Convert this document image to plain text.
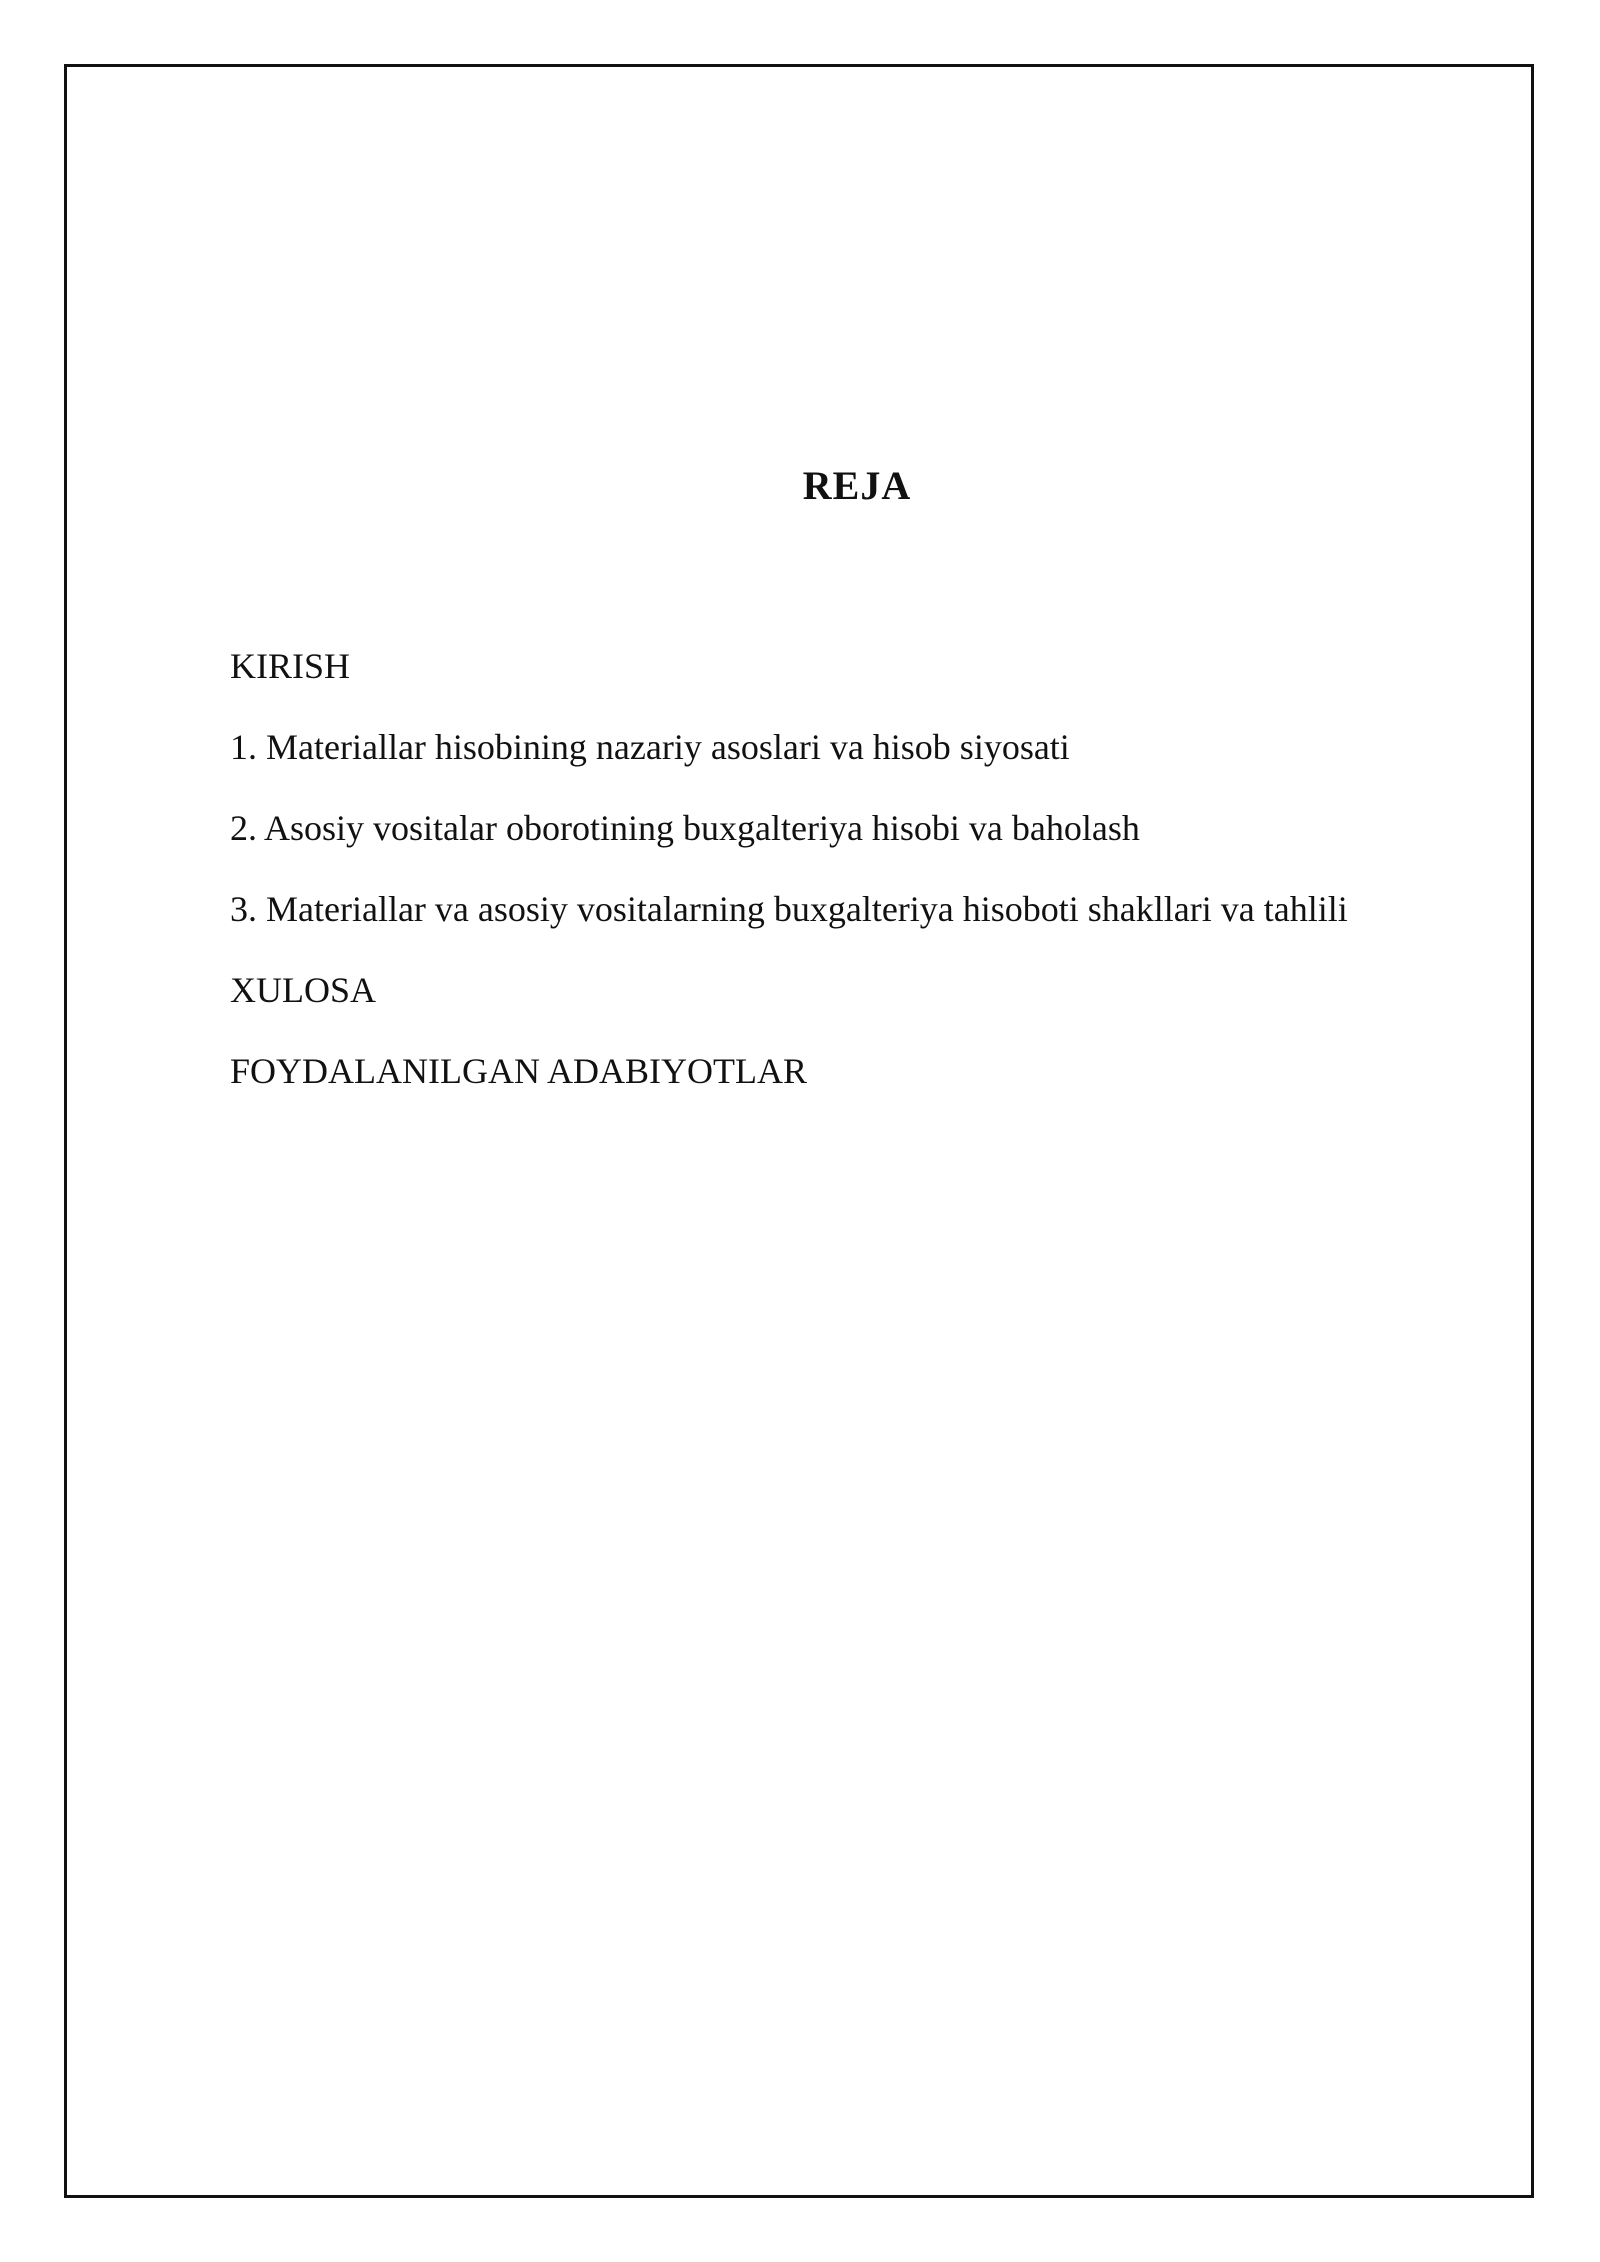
REJA
KIRISH
1. Materiallar hisobining nazariy asoslari va hisob siyosati
2. Asosiy vositalar oborotining buxgalteriya hisobi va baholash
3. Materiallar va asosiy vositalarning buxgalteriya hisoboti shakllari va tahlili
XULOSA
FOYDALANILGAN ADABIYOTLAR
